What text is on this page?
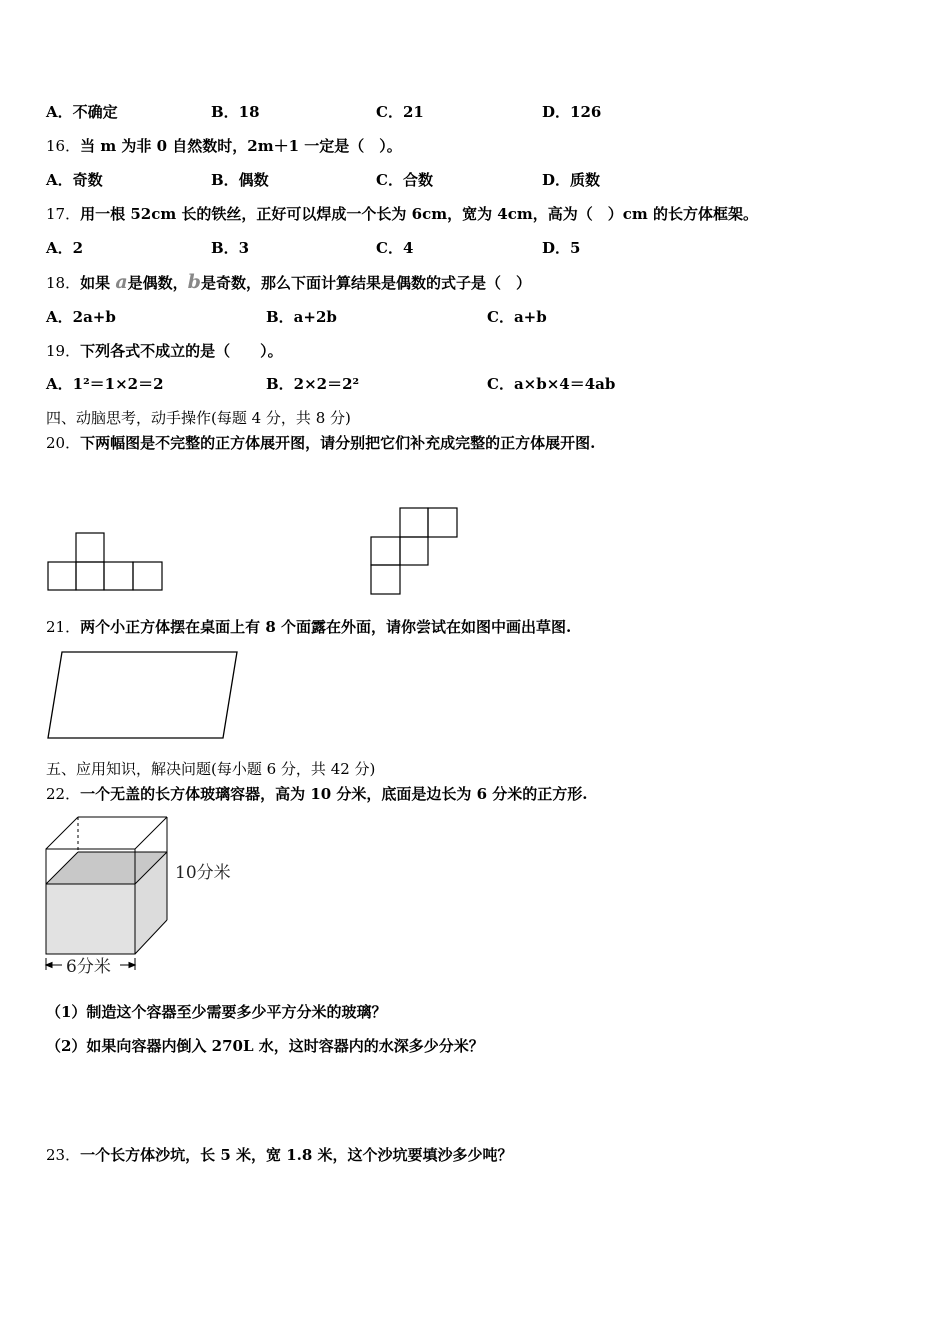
A．不确定	B．18	C．21	D．126
16．当 m 为非 0 自然数时，2m＋1 一定是（　）。
A．奇数	B．偶数	C．合数	D．质数
17．用一根 52cm 长的铁丝，正好可以焊成一个长为 6cm，宽为 4cm，高为（　）cm 的长方体框架。
A．2	B．3	C．4	D．5
18．如果 a是偶数，b是奇数，那么下面计算结果是偶数的式子是（　）
A．2a+b	B．a+2b	C．a+b
19．下列各式不成立的是（　　）。
A．1²＝1×2＝2	B．2×2＝2²	C．a×b×4＝4ab
四、动脑思考，动手操作(每题 4 分，共 8 分)
20．下两幅图是不完整的正方体展开图，请分别把它们补充成完整的正方体展开图.
21．两个小正方体摆在桌面上有 8 个面露在外面，请你尝试在如图中画出草图.
五、应用知识，解决问题(每小题 6 分，共 42 分)
22．一个无盖的长方体玻璃容器，高为 10 分米，底面是边长为 6 分米的正方形.
10分米
6分米
（1）制造这个容器至少需要多少平方分米的玻璃？
（2）如果向容器内倒入 270L 水，这时容器内的水深多少分米？
23．一个长方体沙坑，长 5 米，宽 1.8 米，这个沙坑要填沙多少吨？
